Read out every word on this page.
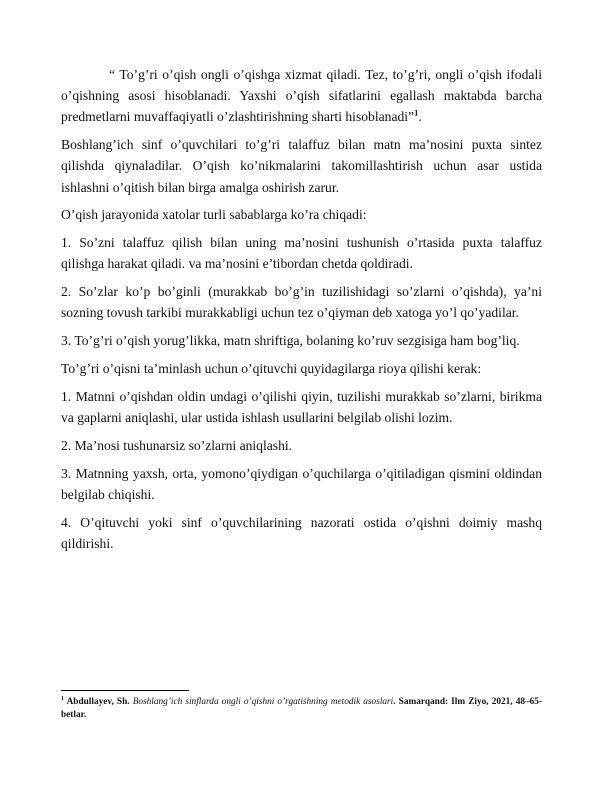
“ To’g’ri o’qish ongli o’qishga xizmat qiladi. Tez, to’g’ri, ongli o’qish ifodali o’qishning asosi hisoblanadi. Yaxshi o’qish sifatlarini egallash maktabda barcha predmetlarni muvaffaqiyatli o’zlashtirishning sharti hisoblanadi”$^1$.

Boshlang’ich sinf o’quvchilari to’g’ri talaffuz bilan matn ma’nosini puxta sintez qilishda qiynaladilar. O’qish ko’nikmalarini takomillashtirish uchun asar ustida ishlashni o’qitish bilan birga amalga oshirish zarur.

O’qish jarayonida xatolar turli sabablarga ko’ra chiqadi:

1. So’zni talaffuz qilish bilan uning ma’nosini tushunish o’rtasida puxta talaffuz qilishga harakat qiladi. va ma’nosini e’tibordan chetda qoldiradi.

2. So’zlar ko’p bo’ginli (murakkab bo’g’in tuzilishidagi so’zlarni o’qishda), ya’ni sozning tovush tarkibi murakkabligi uchun tez o’qiyman deb xatoga yo’l qo’yadilar.

3. To’g’ri o’qish yorug’likka, matn shriftiga, bolaning ko’ruv sezgisiga ham bog’liq.

To’g’ri o’qisni ta’minlash uchun o’qituvchi quyidagilarga rioya qilishi kerak:

1. Matnni o’qishdan oldin undagi o’qilishi qiyin, tuzilishi murakkab so’zlarni, birikma va gaplarni aniqlashi, ular ustida ishlash usullarini belgilab olishi lozim.

2. Ma’nosi tushunarsiz so’zlarni aniqlashi.

3. Matnning yaxsh, orta, yomono’qiydigan o’quchilarga o’qitiladigan qismini oldindan belgilab chiqishi.

4. O’qituvchi yoki sinf o’quvchilarining nazorati ostida o’qishni doimiy mashq qildirishi.

$^1$ Abdullayev, Sh. Boshlang’ich sinflarda ongli o’qishni o’rgatishning metodik asoslari. Samarqand: Ilm Ziyo, 2021, 48–65-betlar.
